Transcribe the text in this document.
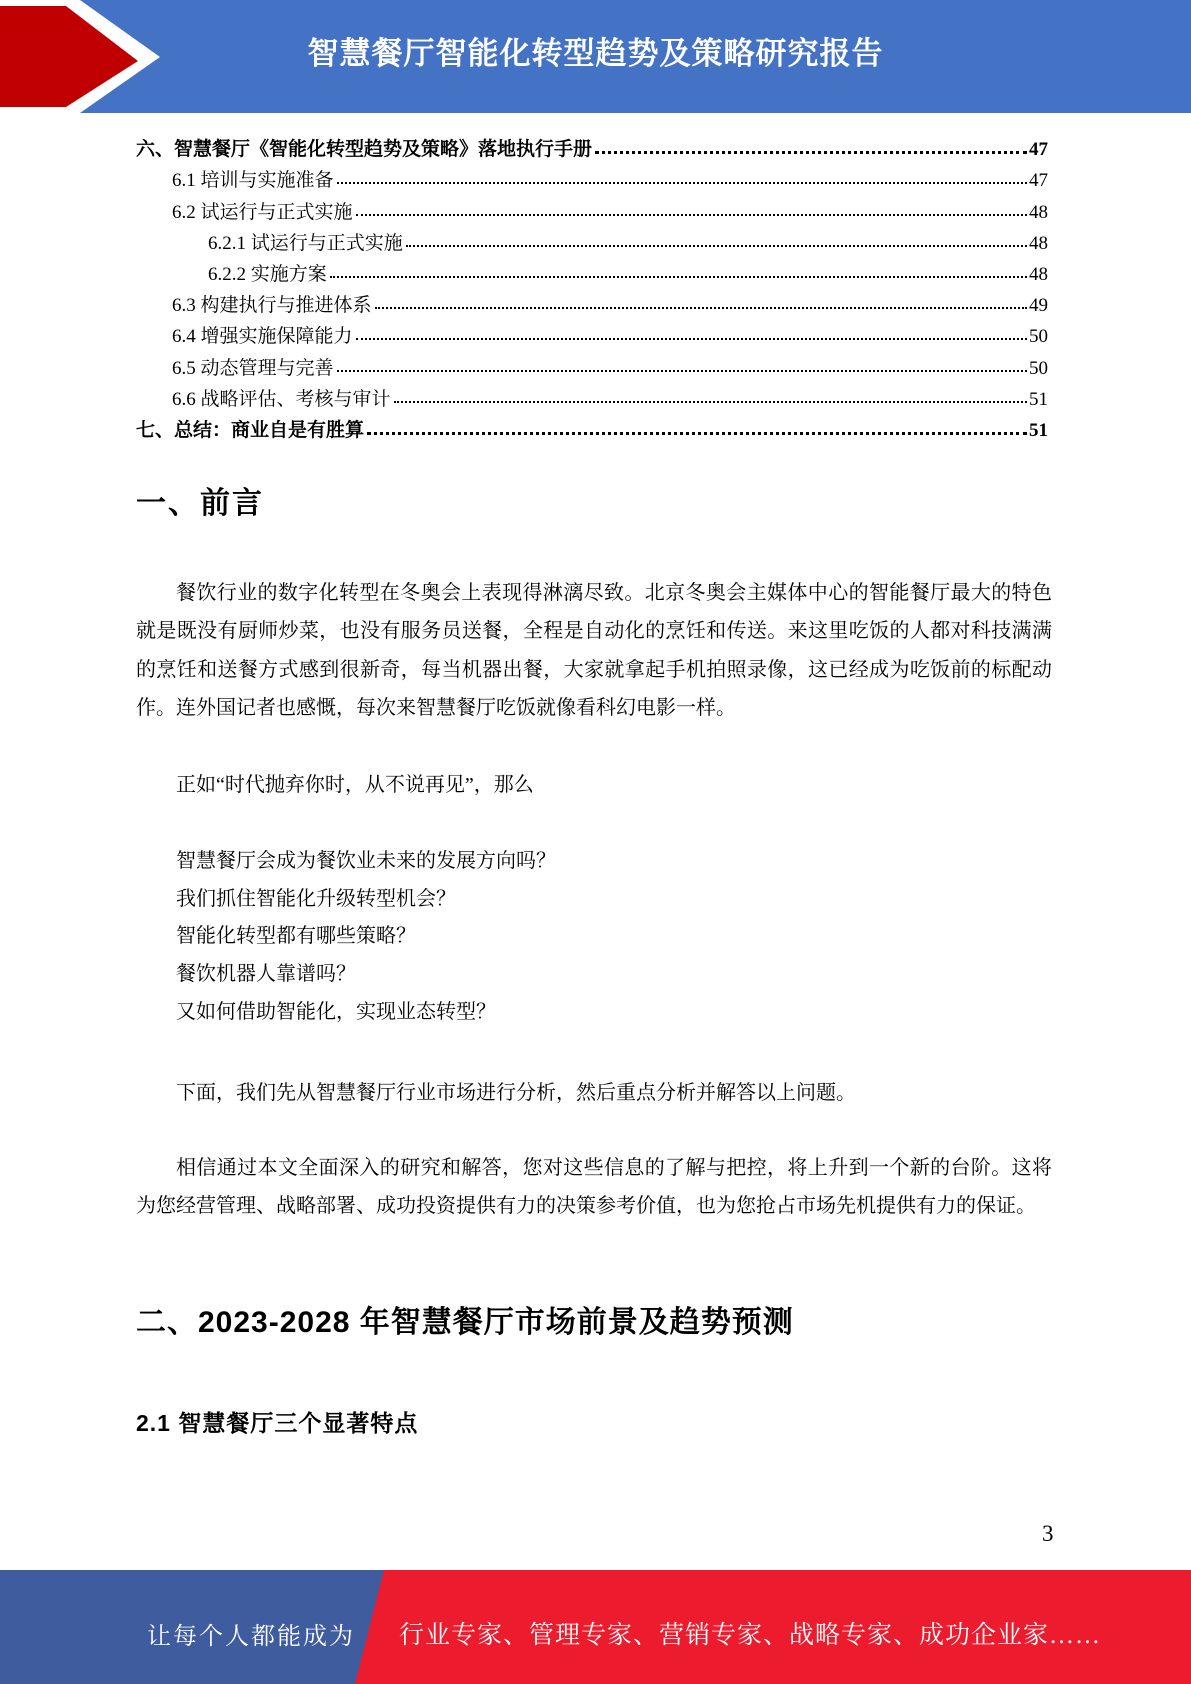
智慧餐厅智能化转型趋势及策略研究报告
六、智慧餐厅《智能化转型趋势及策略》落地执行手册	47
6.1 培训与实施准备	47
6.2 试运行与正式实施	48
6.2.1 试运行与正式实施	48
6.2.2 实施方案	48
6.3 构建执行与推进体系	49
6.4 增强实施保障能力	50
6.5 动态管理与完善	50
6.6 战略评估、考核与审计	51
七、总结：商业自是有胜算	51
一、前言
餐饮行业的数字化转型在冬奥会上表现得淋漓尽致。北京冬奥会主媒体中心的智能餐厅最大的特色就是既没有厨师炒菜，也没有服务员送餐，全程是自动化的烹饪和传送。来这里吃饭的人都对科技满满的烹饪和送餐方式感到很新奇，每当机器出餐，大家就拿起手机拍照录像，这已经成为吃饭前的标配动作。连外国记者也感慨，每次来智慧餐厅吃饭就像看科幻电影一样。
正如“时代抛弃你时，从不说再见”，那么
智慧餐厅会成为餐饮业未来的发展方向吗？
我们抓住智能化升级转型机会？
智能化转型都有哪些策略？
餐饮机器人靠谱吗？
又如何借助智能化，实现业态转型？
下面，我们先从智慧餐厅行业市场进行分析，然后重点分析并解答以上问题。
相信通过本文全面深入的研究和解答，您对这些信息的了解与把控，将上升到一个新的台阶。这将为您经营管理、战略部署、成功投资提供有力的决策参考价值，也为您抢占市场先机提供有力的保证。
二、2023-2028 年智慧餐厅市场前景及趋势预测
2.1 智慧餐厅三个显著特点
3
让每个人都能成为 行业专家、管理专家、营销专家、战略专家、成功企业家……
